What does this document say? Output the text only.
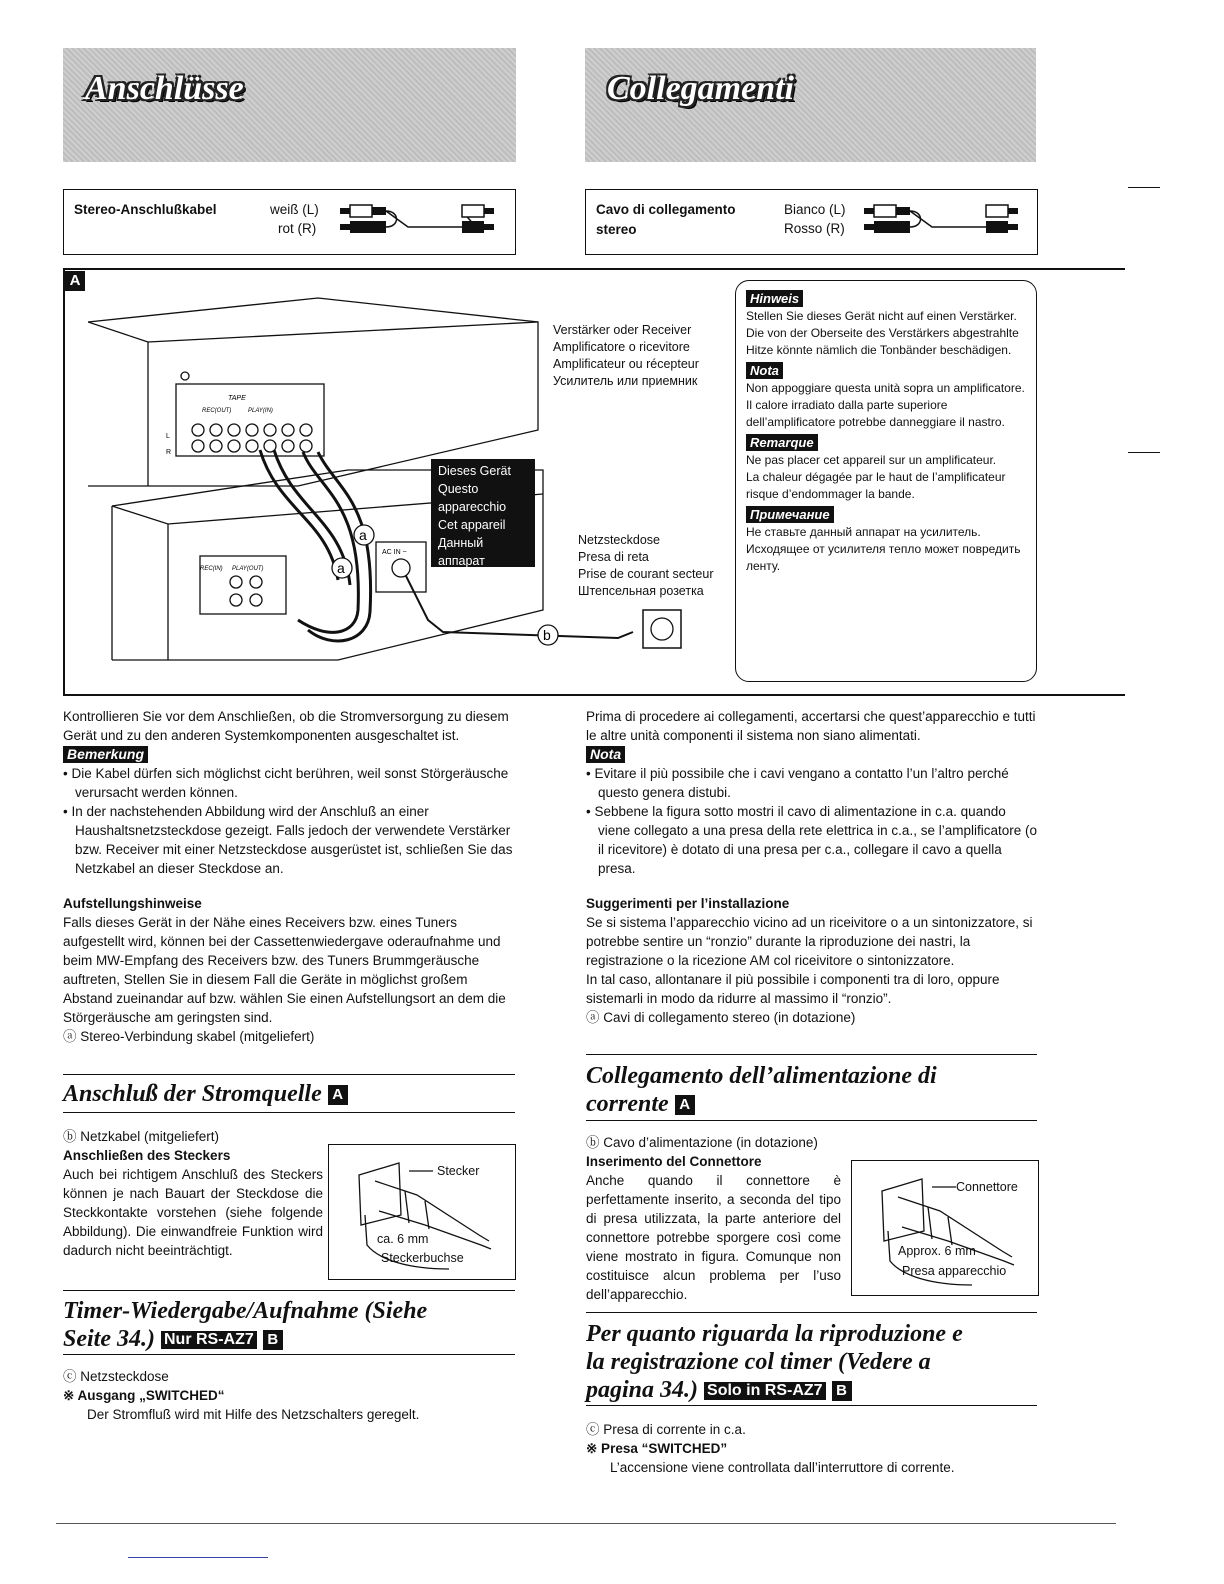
Anschlüsse	Collegamenti
Stereo-Anschlußkabel	weiß (L)
rot (R)
Cavo di collegamento
stereo
Bianco (L)
Rosso (R)
A
TAPE
REC(OUT)	PLAY(IN)
REC(IN) PLAY(OUT)
AC IN ~
L
R
a
a
b
Dieses Gerät
Questo
apparecchio
Cet appareil
Данный
аппарат
Verstärker oder Receiver
Amplificatore o ricevitore
Amplificateur ou récepteur
Усилитель или приемник
Netzsteckdose
Presa di reta
Prise de courant secteur
Штепсельная розетка
Hinweis
Stellen Sie dieses Gerät nicht auf einen Verstärker.
Die von der Oberseite des Verstärkers abgestrahlte Hitze könnte nämlich die Tonbänder beschädigen.
Nota
Non appoggiare questa unità sopra un amplificatore.
Il calore irradiato dalla parte superiore dell’amplificatore potrebbe danneggiare il nastro.
Remarque
Ne pas placer cet appareil sur un amplificateur.
La chaleur dégagée par le haut de l’amplificateur risque d’endommager la bande.
Примечание
Не ставьте данный аппарат на усилитель.
Исходящее от усилителя тепло может повредить ленту.
Kontrollieren Sie vor dem Anschließen, ob die Stromversorgung zu diesem Gerät und zu den anderen Systemkomponenten ausgeschaltet ist.
Bemerkung
• Die Kabel dürfen sich möglichst cicht berühren, weil sonst Störgeräusche verursacht werden können.
• In der nachstehenden Abbildung wird der Anschluß an einer Haushaltsnetzsteckdose gezeigt. Falls jedoch der verwendete Verstärker bzw. Receiver mit einer Netzsteckdose ausgerüstet ist, schließen Sie das Netzkabel an dieser Steckdose an.
Aufstellungshinweise
Falls dieses Gerät in der Nähe eines Receivers bzw. eines Tuners aufgestellt wird, können bei der Cassettenwiedergave oderaufnahme und beim MW-Empfang des Receivers bzw. des Tuners Brummgeräusche auftreten, Stellen Sie in diesem Fall die Geräte in möglichst großem Abstand zueinandar auf bzw. wählen Sie einen Aufstellungsort an dem die Störgeräusche am geringsten sind.
ⓐ Stereo-Verbindung skabel (mitgeliefert)
Anschluß der Stromquelle A
ⓑ Netzkabel (mitgeliefert)
Anschließen des Steckers
Auch bei richtigem Anschluß des Steckers können je nach Bauart der Steckdose die Steckkontakte vorstehen (siehe folgende Abbildung). Die einwandfreie Funktion wird dadurch nicht beeinträchtigt.
Stecker
ca. 6 mm
Steckerbuchse
Timer-Wiedergabe/Aufnahme (Siehe
Seite 34.) Nur RS-AZ7 B
ⓒ Netzsteckdose
※ Ausgang „SWITCHED“
Der Stromfluß wird mit Hilfe des Netzschalters geregelt.
Prima di procedere ai collegamenti, accertarsi che quest’apparecchio e tutti le altre unità componenti il sistema non siano alimentati.
Nota
• Evitare il più possibile che i cavi vengano a contatto l’un l’altro perché questo genera distubi.
• Sebbene la figura sotto mostri il cavo di alimentazione in c.a. quando viene collegato a una presa della rete elettrica in c.a., se l’amplificatore (o il ricevitore) è dotato di una presa per c.a., collegare il cavo a quella presa.
Suggerimenti per l’installazione
Se si sistema l’apparecchio vicino ad un riceivitore o a un sintonizzatore, si potrebbe sentire un “ronzio” durante la riproduzione dei nastri, la registrazione o la ricezione AM col riceivitore o sintonizzatore.
In tal caso, allontanare il più possibile i componenti tra di loro, oppure sistemarli in modo da ridurre al massimo il “ronzio”.
ⓐ Cavi di collegamento stereo (in dotazione)
Collegamento dell’alimentazione di
corrente A
ⓑ Cavo d’alimentazione (in dotazione)
Inserimento del Connettore
Anche quando il connettore è perfettamente inserito, a seconda del tipo di presa utilizzata, la parte anteriore del connettore potrebbe sporgere così come viene mostrato in figura. Comunque non costituisce alcun problema per l’uso dell’apparecchio.
Connettore
Approx. 6 mm
Presa apparecchio
Per quanto riguarda la riproduzione e
la registrazione col timer (Vedere a
pagina 34.) Solo in RS-AZ7 B
ⓒ Presa di corrente in c.a.
※ Presa “SWITCHED”
L’accensione viene controllata dall’interruttore di corrente.
